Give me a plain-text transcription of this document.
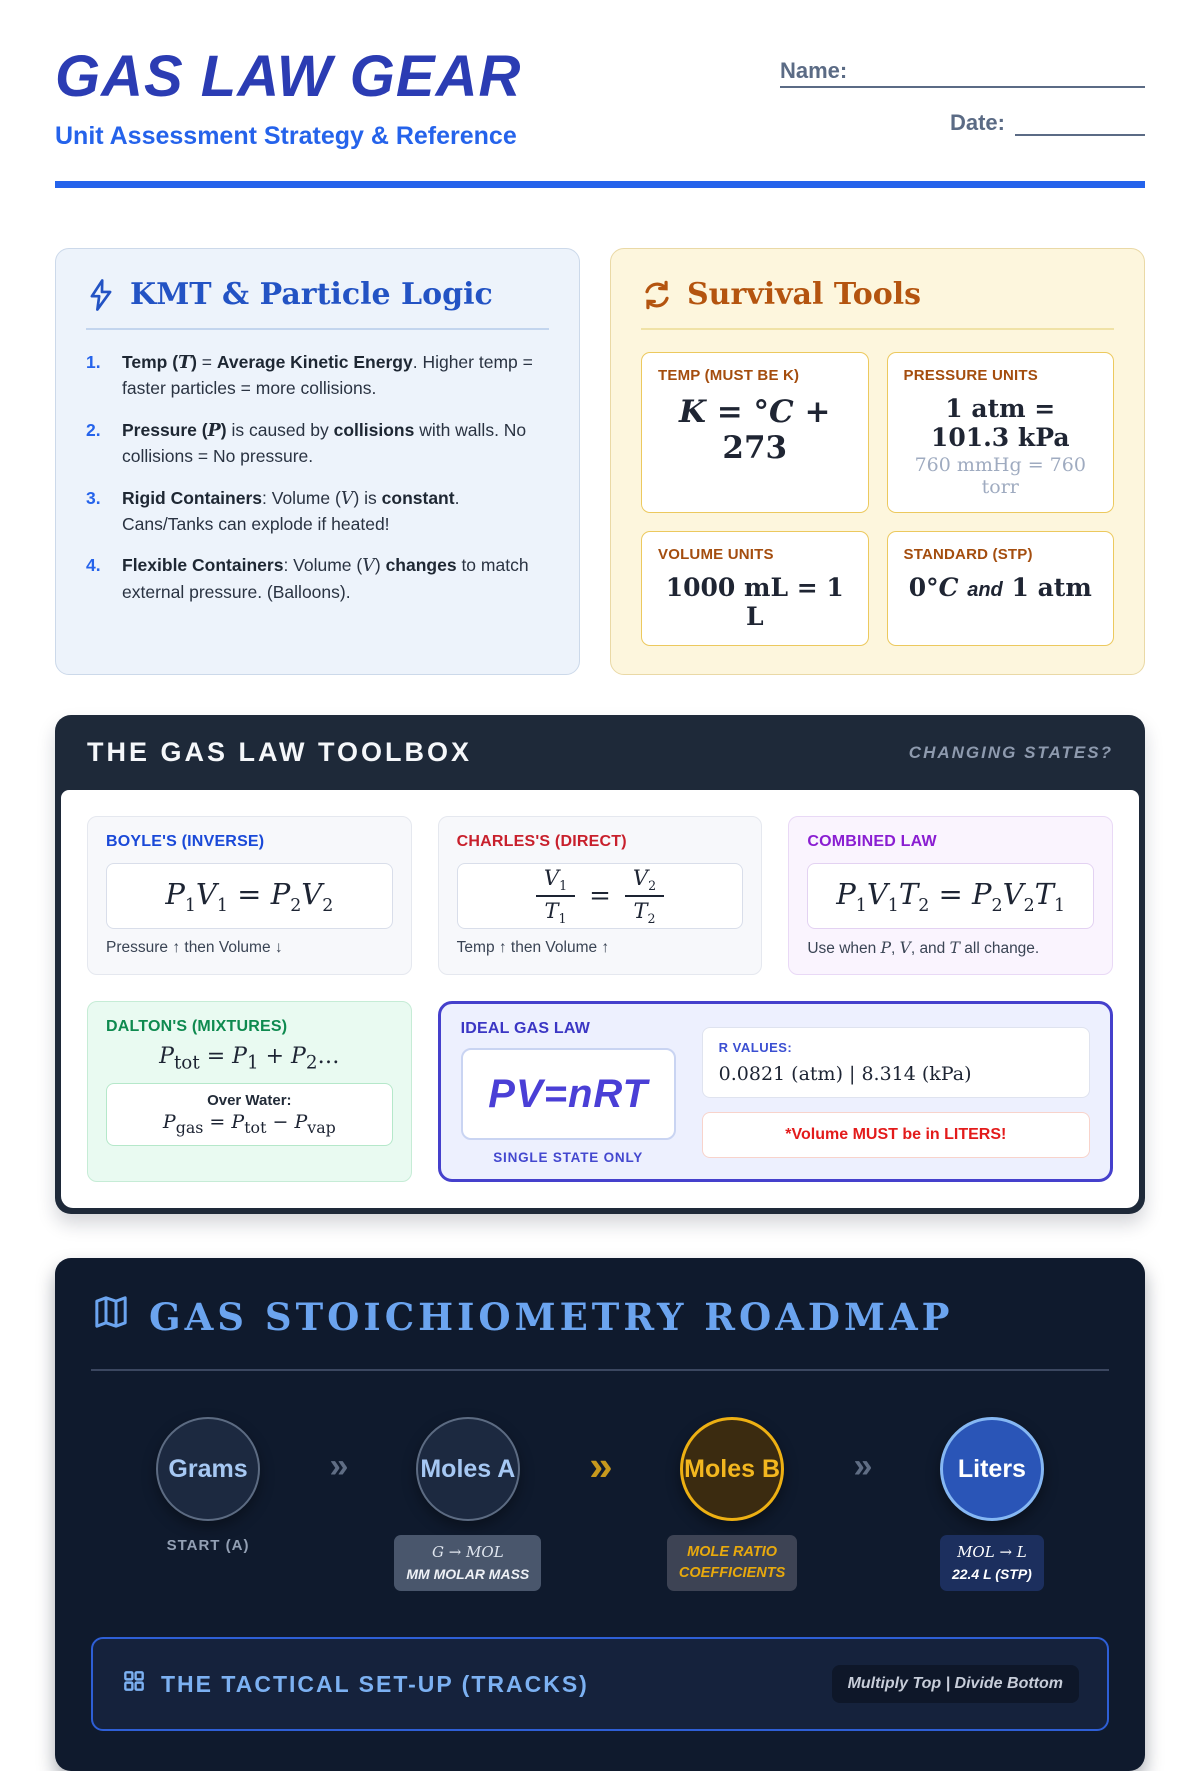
GAS LAW GEAR
Unit Assessment Strategy & Reference
Name:
Date:
KMT & Particle Logic
1.	Temp (T) = Average Kinetic Energy. Higher temp = faster particles = more collisions.
2.	Pressure (P) is caused by collisions with walls. No collisions = No pressure.
3.	Rigid Containers: Volume (V) is constant. Cans/Tanks can explode if heated!
4.	Flexible Containers: Volume (V) changes to match external pressure. (Balloons).
Survival Tools
TEMP (MUST BE K)
K = °C + 273
PRESSURE UNITS
1 atm = 101.3 kPa
760 mmHg = 760 torr
VOLUME UNITS
1000 mL = 1 L
STANDARD (STP)
0°C and 1 atm
THE GAS LAW TOOLBOX	CHANGING STATES?
BOYLE'S (INVERSE)
$P_1V_1 = P_2V_2$
Pressure ↑ then Volume ↓
CHARLES'S (DIRECT)
$\frac{V_1}{T_1} = \frac{V_2}{T_2}$
Temp ↑ then Volume ↑
COMBINED LAW
$P_1V_1T_2 = P_2V_2T_1$
Use when P, V, and T all change.
DALTON'S (MIXTURES)
$P_{tot} = P_1$ + $P_2\dots$
Over Water:
$P_{gas} = P_{tot} - P_{vap}$
IDEAL GAS LAW
PV=nRT
SINGLE STATE ONLY
R VALUES:
0.0821 (atm) | 8.314 (kPa)
*Volume MUST be in LITERS!
GAS STOICHIOMETRY ROADMAP
Grams
START (A)
»	Moles A
G → MOL
MM MOLAR MASS
»	Moles B
MOLE RATIO
COEFFICIENTS
»	Liters
MOL → L
22.4 L (STP)
THE TACTICAL SET-UP (TRACKS)	Multiply Top | Divide Bottom
